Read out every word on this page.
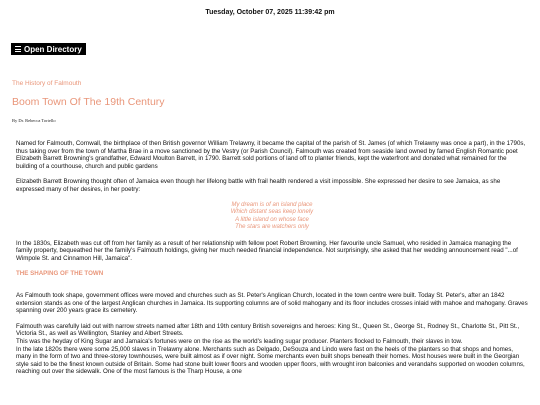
Tuesday, October 07, 2025 11:39:42 pm
Open Directory
The History of Falmouth
Boom Town Of The 19th Century
By Dr. Rebecca Tortello

Named for Falmouth, Cornwall, the birthplace of then British governor William Trelawny, it became the capital of the parish of St. James (of which Trelawny was once a part), in the 1790s, thus taking over from the town of Martha Brae in a move sanctioned by the Vestry (or Parish Council). Falmouth was created from seaside land owned by famed English Romantic poet Elizabeth Barrett Browning's grandfather, Edward Moulton Barrett, in 1790. Barrett sold portions of land off to planter friends, kept the waterfront and donated what remained for the building of a courthouse, church and public gardens

Elizabeth Barrett Browning thought often of Jamaica even though her lifelong battle with frail health rendered a visit impossible. She expressed her desire to see Jamaica, as she expressed many of her desires, in her poetry:

My dream is of an island place

Which distant seas keep lonely

A little island on whose face

The stars are watchers only

In the 1830s, Elizabeth was cut off from her family as a result of her relationship with fellow poet Robert Browning. Her favourite uncle Samuel, who resided in Jamaica managing the family property, bequeathed her the family's Falmouth holdings, giving her much needed financial independence. Not surprisingly, she asked that her wedding announcement read "...of Wimpole St. and Cinnamon Hill, Jamaica".

THE SHAPING OF THE TOWN

As Falmouth took shape, government offices were moved and churches such as St. Peter's Anglican Church, located in the town centre were built. Today St. Peter's, after an 1842 extension stands as one of the largest Anglican churches in Jamaica. Its supporting columns are of solid mahogany and its floor includes crosses inlaid with mahoe and mahogany. Graves spanning over 200 years grace its cemetery.

Falmouth was carefully laid out with narrow streets named after 18th and 19th century British sovereigns and heroes: King St., Queen St., George St., Rodney St., Charlotte St., Pitt St., Victoria St., as well as Wellington, Stanley and Albert Streets.

This was the heyday of King Sugar and Jamaica's fortunes were on the rise as the world's leading sugar producer. Planters flocked to Falmouth, their slaves in tow.

In the late 1820s there were some 25,000 slaves in Trelawny alone. Merchants such as Delgado, DeSouza and Lindo were fast on the heels of the planters so that shops and homes, many in the form of two and three-storey townhouses, were built almost as if over night. Some merchants even built shops beneath their homes. Most houses were built in the Georgian style said to be the finest known outside of Britain. Some had stone built lower floors and wooden upper floors, with wrought iron balconies and verandahs supported on wooden columns, reaching out over the sidewalk. One of the most famous is the Tharp House, a one
